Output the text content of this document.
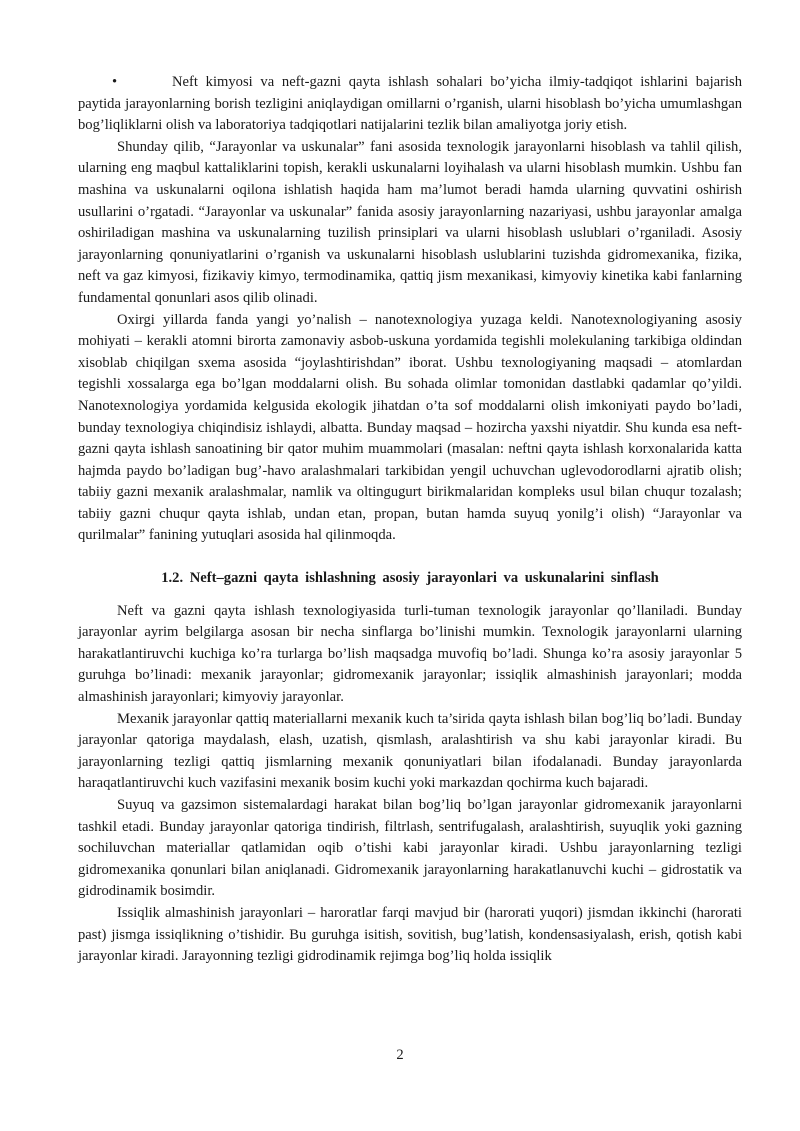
•	Neft kimyosi va neft-gazni qayta ishlash sohalari bo’yicha ilmiy-tadqiqot ishlarini bajarish paytida jarayonlarning borish tezligini aniqlaydigan omillarni o’rganish, ularni hisoblash bo’yicha umumlashgan bog’liqliklarni olish va laboratoriya tadqiqotlari natijalarini tezlik bilan amaliyotga joriy etish.

Shunday qilib, “Jarayonlar va uskunalar” fani asosida texnologik jarayonlarni hisoblash va tahlil qilish, ularning eng maqbul kattaliklarini topish, kerakli uskunalarni loyihalash va ularni hisoblash mumkin. Ushbu fan mashina va uskunalarni oqilona ishlatish haqida ham ma’lumot beradi hamda ularning quvvatini oshirish usullarini o’rgatadi. “Jarayonlar va uskunalar” fanida asosiy jarayonlarning nazariyasi, ushbu jarayonlar amalga oshiriladigan mashina va uskunalarning tuzilish prinsiplari va ularni hisoblash uslublari o’rganiladi. Asosiy jarayonlarning qonuniyatlarini o’rganish va uskunalarni hisoblash uslublarini tuzishda gidromexanika, fizika, neft va gaz kimyosi, fizikaviy kimyo, termodinamika, qattiq jism mexanikasi, kimyoviy kinetika kabi fanlarning fundamental qonunlari asos qilib olinadi.

Oxirgi yillarda fanda yangi yo’nalish – nanotexnologiya yuzaga keldi. Nanotexnologiyaning asosiy mohiyati – kerakli atomni birorta zamonaviy asbob-uskuna yordamida tegishli molekulaning tarkibiga oldindan xisoblab chiqilgan sxema asosida “joylashtirishdan” iborat. Ushbu texnologiyaning maqsadi – atomlardan tegishli xossalarga ega bo’lgan moddalarni olish. Bu sohada olimlar tomonidan dastlabki qadamlar qo’yildi. Nanotexnologiya yordamida kelgusida ekologik jihatdan o’ta sof moddalarni olish imkoniyati paydo bo’ladi, bunday texnologiya chiqindisiz ishlaydi, albatta. Bunday maqsad – hozircha yaxshi niyatdir. Shu kunda esa neft-gazni qayta ishlash sanoatining bir qator muhim muammolari (masalan: neftni qayta ishlash korxonalarida katta hajmda paydo bo’ladigan bug’-havo aralashmalari tarkibidan yengil uchuvchan uglevodorodlarni ajratib olish; tabiiy gazni mexanik aralashmalar, namlik va oltingugurt birikmalaridan kompleks usul bilan chuqur tozalash; tabiiy gazni chuqur qayta ishlab, undan etan, propan, butan hamda suyuq yonilg’i olish) “Jarayonlar va qurilmalar” fanining yutuqlari asosida hal qilinmoqda.

1.2. Neft–gazni qayta ishlashning asosiy jarayonlari va uskunalarini sinflash

Neft va gazni qayta ishlash texnologiyasida turli-tuman texnologik jarayonlar qo’llaniladi. Bunday jarayonlar ayrim belgilarga asosan bir necha sinflarga bo’linishi mumkin. Texnologik jarayonlarni ularning harakatlantiruvchi kuchiga ko’ra turlarga bo’lish maqsadga muvofiq bo’ladi. Shunga ko’ra asosiy jarayonlar 5 guruhga bo’linadi: mexanik jarayonlar; gidromexanik jarayonlar; issiqlik almashinish jarayonlari; modda almashinish jarayonlari; kimyoviy jarayonlar.

Mexanik jarayonlar qattiq materiallarni mexanik kuch ta’sirida qayta ishlash bilan bog’liq bo’ladi. Bunday jarayonlar qatoriga maydalash, elash, uzatish, qismlash, aralashtirish va shu kabi jarayonlar kiradi. Bu jarayonlarning tezligi qattiq jismlarning mexanik qonuniyatlari bilan ifodalanadi. Bunday jarayonlarda haraqatlantiruvchi kuch vazifasini mexanik bosim kuchi yoki markazdan qochirma kuch bajaradi.

Suyuq va gazsimon sistemalardagi harakat bilan bog’liq bo’lgan jarayonlar gidromexanik jarayonlarni tashkil etadi. Bunday jarayonlar qatoriga tindirish, filtrlash, sentrifugalash, aralashtirish, suyuqlik yoki gazning sochiluvchan materiallar qatlamidan oqib o’tishi kabi jarayonlar kiradi. Ushbu jarayonlarning tezligi gidromexanika qonunlari bilan aniqlanadi. Gidromexanik jarayonlarning harakatlanuvchi kuchi – gidrostatik va gidrodinamik bosimdir.

Issiqlik almashinish jarayonlari – haroratlar farqi mavjud bir (harorati yuqori) jismdan ikkinchi (harorati past) jismga issiqlikning o’tishidir. Bu guruhga isitish, sovitish, bug’latish, kondensasiyalash, erish, qotish kabi jarayonlar kiradi. Jarayonning tezligi gidrodinamik rejimga bog’liq holda issiqlik

2
